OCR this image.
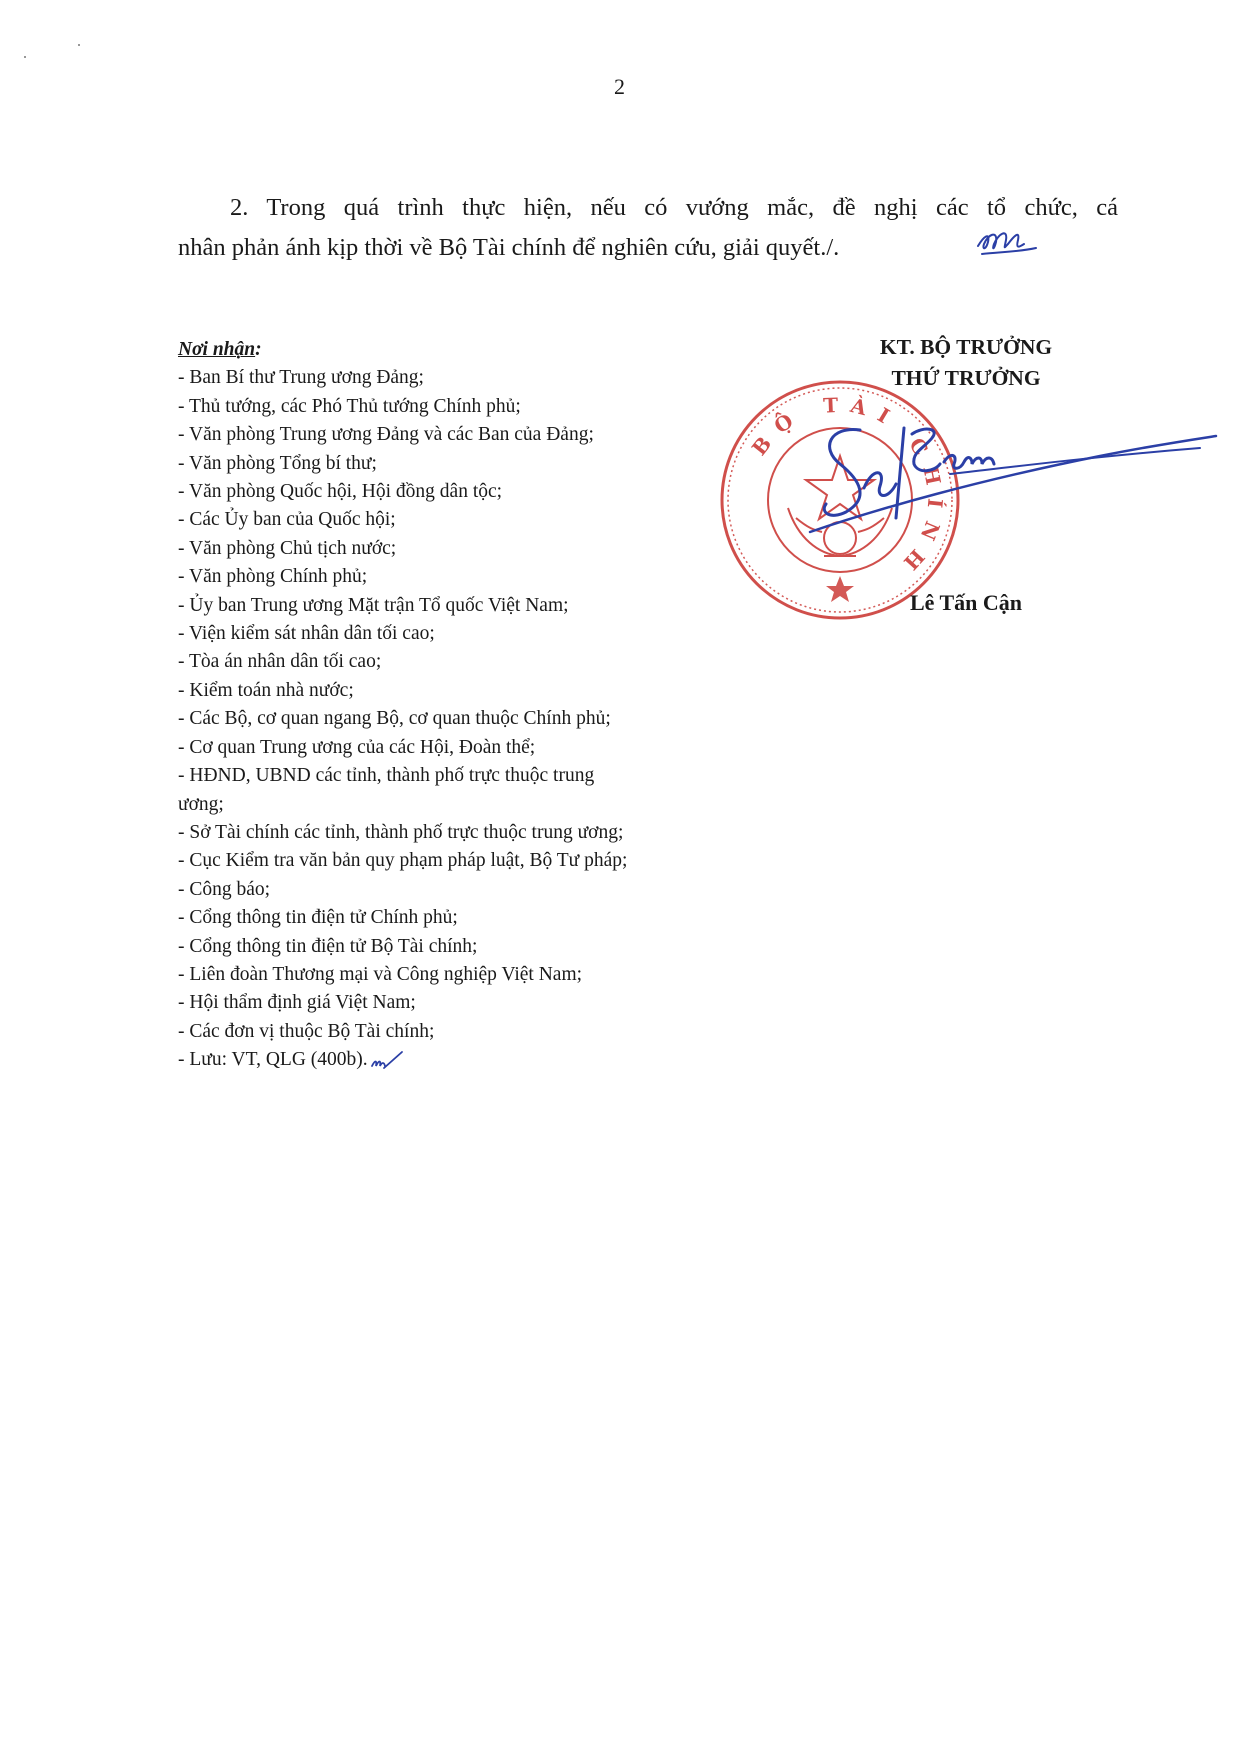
2
2. Trong quá trình thực hiện, nếu có vướng mắc, đề nghị các tổ chức, cá
nhân phản ánh kịp thời về Bộ Tài chính để nghiên cứu, giải quyết./.
Nơi nhận:
- Ban Bí thư Trung ương Đảng;
- Thủ tướng, các Phó Thủ tướng Chính phủ;
- Văn phòng Trung ương Đảng và các Ban của Đảng;
- Văn phòng Tổng bí thư;
- Văn phòng Quốc hội, Hội đồng dân tộc;
- Các Ủy ban của Quốc hội;
- Văn phòng Chủ tịch nước;
- Văn phòng Chính phủ;
- Ủy ban Trung ương Mặt trận Tổ quốc Việt Nam;
- Viện kiểm sát nhân dân tối cao;
- Tòa án nhân dân tối cao;
- Kiểm toán nhà nước;
- Các Bộ, cơ quan ngang Bộ, cơ quan thuộc Chính phủ;
- Cơ quan Trung ương của các Hội, Đoàn thể;
- HĐND, UBND các tỉnh, thành phố trực thuộc trung
ương;
- Sở Tài chính các tỉnh, thành phố trực thuộc trung ương;
- Cục Kiểm tra văn bản quy phạm pháp luật, Bộ Tư pháp;
- Công báo;
- Cổng thông tin điện tử Chính phủ;
- Cổng thông tin điện tử Bộ Tài chính;
- Liên đoàn Thương mại và Công nghiệp Việt Nam;
- Hội thẩm định giá Việt Nam;
- Các đơn vị thuộc Bộ Tài chính;
- Lưu: VT, QLG (400b).
BỘ TÀI CHÍNH
KT. BỘ TRƯỞNG
THỨ TRƯỞNG
Lê Tấn Cận
